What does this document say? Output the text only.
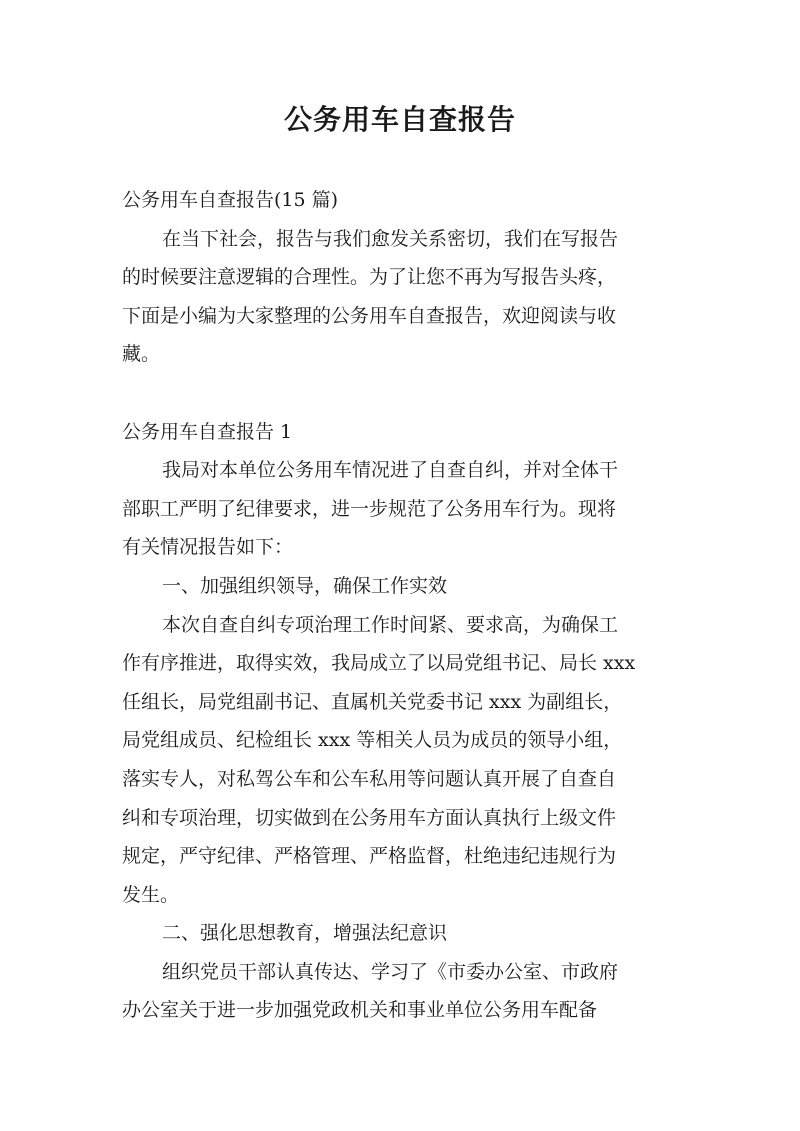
公务用车自查报告
公务用车自查报告(15 篇)
在当下社会，报告与我们愈发关系密切，我们在写报告
的时候要注意逻辑的合理性。为了让您不再为写报告头疼，
下面是小编为大家整理的公务用车自查报告，欢迎阅读与收
藏。
公务用车自查报告 1
我局对本单位公务用车情况进了自查自纠，并对全体干
部职工严明了纪律要求，进一步规范了公务用车行为。现将
有关情况报告如下：
一、加强组织领导，确保工作实效
本次自查自纠专项治理工作时间紧、要求高，为确保工
作有序推进，取得实效，我局成立了以局党组书记、局长 xxx
任组长，局党组副书记、直属机关党委书记 xxx 为副组长，
局党组成员、纪检组长 xxx 等相关人员为成员的领导小组，
落实专人，对私驾公车和公车私用等问题认真开展了自查自
纠和专项治理，切实做到在公务用车方面认真执行上级文件
规定，严守纪律、严格管理、严格监督，杜绝违纪违规行为
发生。
二、强化思想教育，增强法纪意识
组织党员干部认真传达、学习了《市委办公室、市政府
办公室关于进一步加强党政机关和事业单位公务用车配备
